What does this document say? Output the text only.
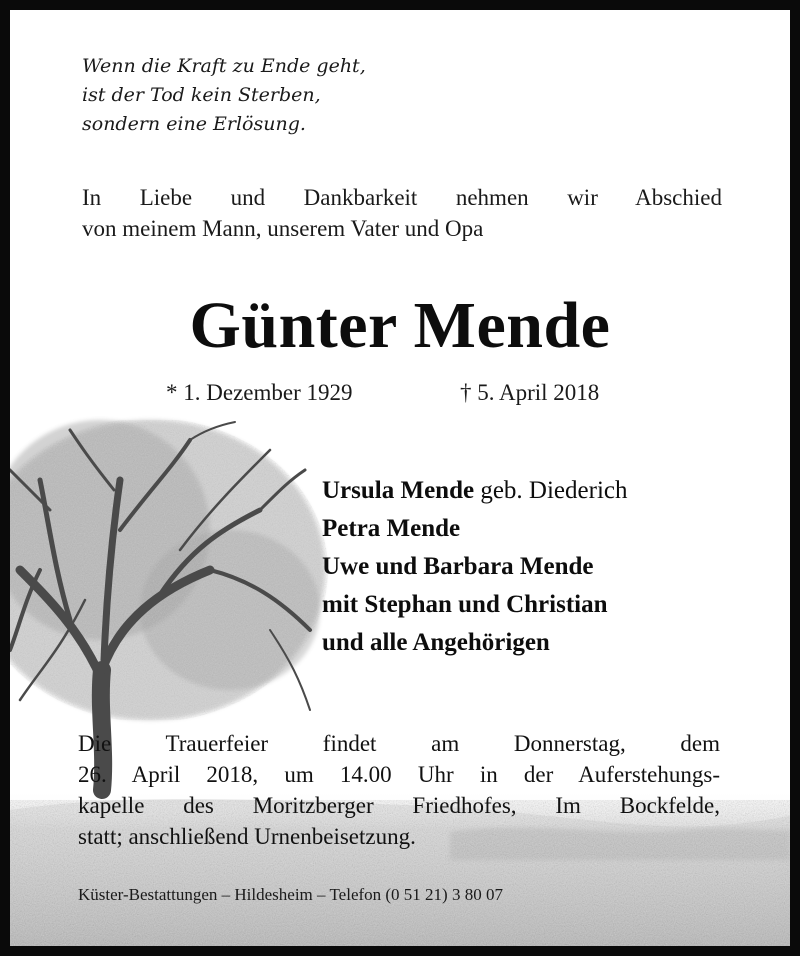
Wenn die Kraft zu Ende geht,
ist der Tod kein Sterben,
sondern eine Erlösung.
In Liebe und Dankbarkeit nehmen wir Abschied
von meinem Mann, unserem Vater und Opa
Günter Mende
* 1. Dezember 1929	† 5. April 2018
Ursula Mende geb. Diederich
Petra Mende
Uwe und Barbara Mende
mit Stephan und Christian
und alle Angehörigen
Die Trauerfeier findet am Donnerstag, dem
26. April 2018, um 14.00 Uhr in der Auferstehungs-
kapelle des Moritzberger Friedhofes, Im Bockfelde,
statt; anschließend Urnenbeisetzung.
Küster-Bestattungen – Hildesheim – Telefon (0 51 21) 3 80 07
